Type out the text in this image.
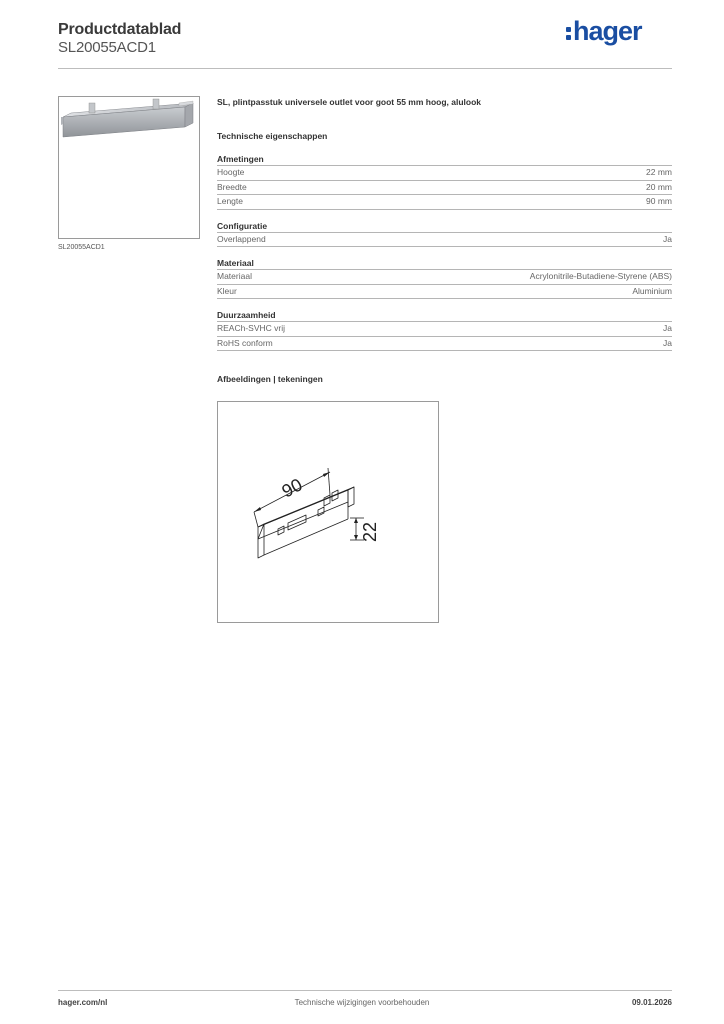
Productdatablad
SL20055ACD1
hager
SL20055ACD1
SL, plintpasstuk universele outlet voor goot 55 mm hoog, alulook
Technische eigenschappen
Afmetingen
Hoogte	22 mm
Breedte	20 mm
Lengte	90 mm
Configuratie
Overlappend	Ja
Materiaal
Materiaal	Acrylonitrile-Butadiene-Styrene (ABS)
Kleur	Aluminium
Duurzaamheid
REACh-SVHC vrij	Ja
RoHS conform	Ja
Afbeeldingen | tekeningen
90
22
hager.com/nl	Technische wijzigingen voorbehouden	09.01.2026
